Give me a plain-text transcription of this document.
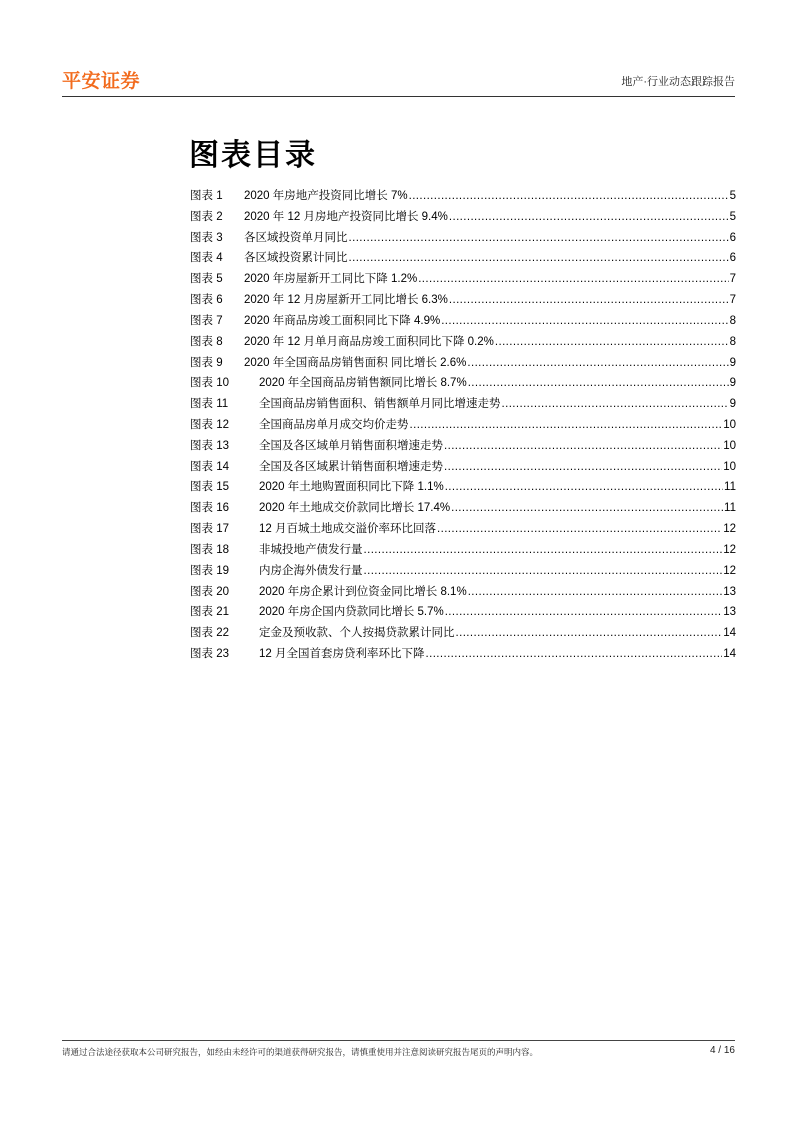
平安证券	地产·行业动态跟踪报告
图表目录
图表 1	2020 年房地产投资同比增长 7% .....	5
图表 2	2020 年 12 月房地产投资同比增长 9.4% .....	5
图表 3	各区域投资单月同比 .....	6
图表 4	各区域投资累计同比 .....	6
图表 5	2020 年房屋新开工同比下降 1.2% .....	7
图表 6	2020 年 12 月房屋新开工同比增长 6.3% .....	7
图表 7	2020 年商品房竣工面积同比下降 4.9% .....	8
图表 8	2020 年 12 月单月商品房竣工面积同比下降 0.2% .....	8
图表 9	2020 年全国商品房销售面积 同比增长 2.6% .....	9
图表 10	2020 年全国商品房销售额同比增长 8.7% .....	9
图表 11	全国商品房销售面积、销售额单月同比增速走势 .....	9
图表 12	全国商品房单月成交均价走势 .....	10
图表 13	全国及各区域单月销售面积增速走势 .....	10
图表 14	全国及各区域累计销售面积增速走势 .....	10
图表 15	2020 年土地购置面积同比下降 1.1% .....	11
图表 16	2020 年土地成交价款同比增长 17.4% .....	11
图表 17	12 月百城土地成交溢价率环比回落 .....	12
图表 18	非城投地产债发行量 .....	12
图表 19	内房企海外债发行量 .....	12
图表 20	2020 年房企累计到位资金同比增长 8.1% .....	13
图表 21	2020 年房企国内贷款同比增长 5.7% .....	13
图表 22	定金及预收款、个人按揭贷款累计同比 .....	14
图表 23	12 月全国首套房贷利率环比下降 .....	14
请通过合法途径获取本公司研究报告，如经由未经许可的渠道获得研究报告，请慎重使用并注意阅读研究报告尾页的声明内容。	4 / 16
